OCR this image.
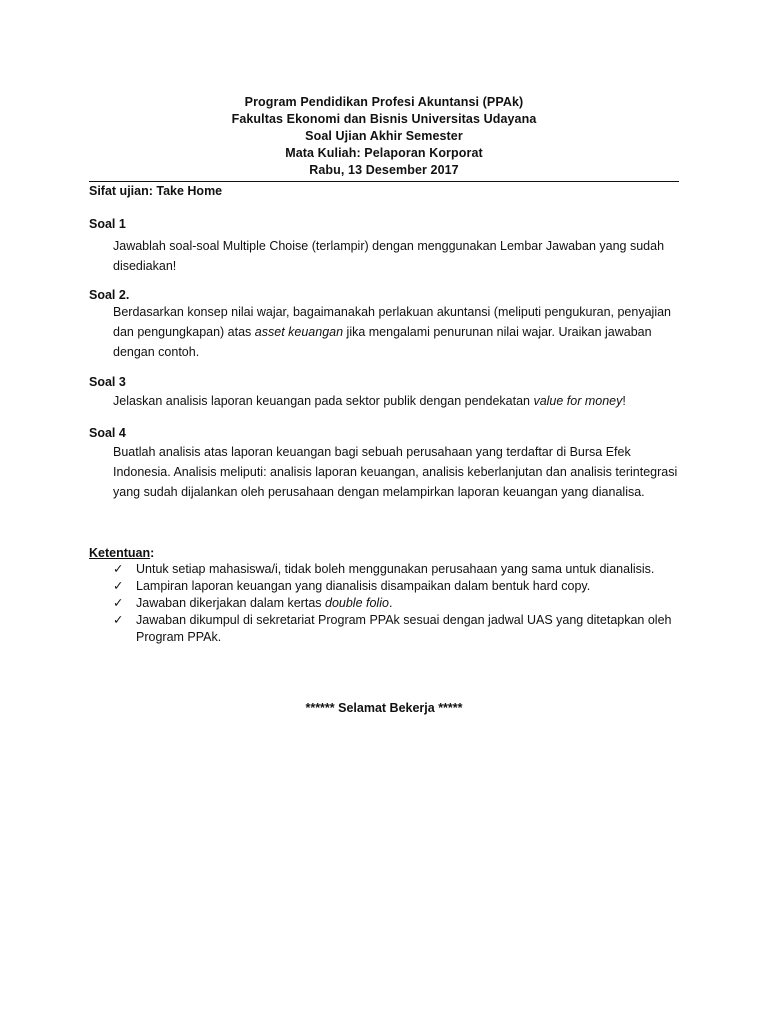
Program Pendidikan Profesi Akuntansi (PPAk)
Fakultas Ekonomi dan Bisnis Universitas Udayana
Soal Ujian Akhir Semester
Mata Kuliah: Pelaporan Korporat
Rabu, 13 Desember 2017
Sifat ujian: Take Home
Soal 1
Jawablah soal-soal Multiple Choise (terlampir) dengan menggunakan Lembar Jawaban yang sudah disediakan!
Soal 2.
Berdasarkan konsep nilai wajar, bagaimanakah perlakuan akuntansi (meliputi pengukuran, penyajian dan pengungkapan) atas asset keuangan jika mengalami penurunan nilai wajar. Uraikan jawaban dengan contoh.
Soal 3
Jelaskan analisis laporan keuangan pada sektor publik dengan pendekatan value for money!
Soal 4
Buatlah analisis atas laporan keuangan bagi sebuah perusahaan yang terdaftar di Bursa Efek Indonesia. Analisis meliputi: analisis laporan keuangan, analisis keberlanjutan dan analisis terintegrasi yang sudah dijalankan oleh perusahaan dengan melampirkan laporan keuangan yang dianalisa.
Ketentuan:
✓ Untuk setiap mahasiswa/i, tidak boleh menggunakan perusahaan yang sama untuk dianalisis.
✓ Lampiran laporan keuangan yang dianalisis disampaikan dalam bentuk hard copy.
✓ Jawaban dikerjakan dalam kertas double folio.
✓ Jawaban dikumpul di sekretariat Program PPAk sesuai dengan jadwal UAS yang ditetapkan oleh Program PPAk.
****** Selamat Bekerja *****
